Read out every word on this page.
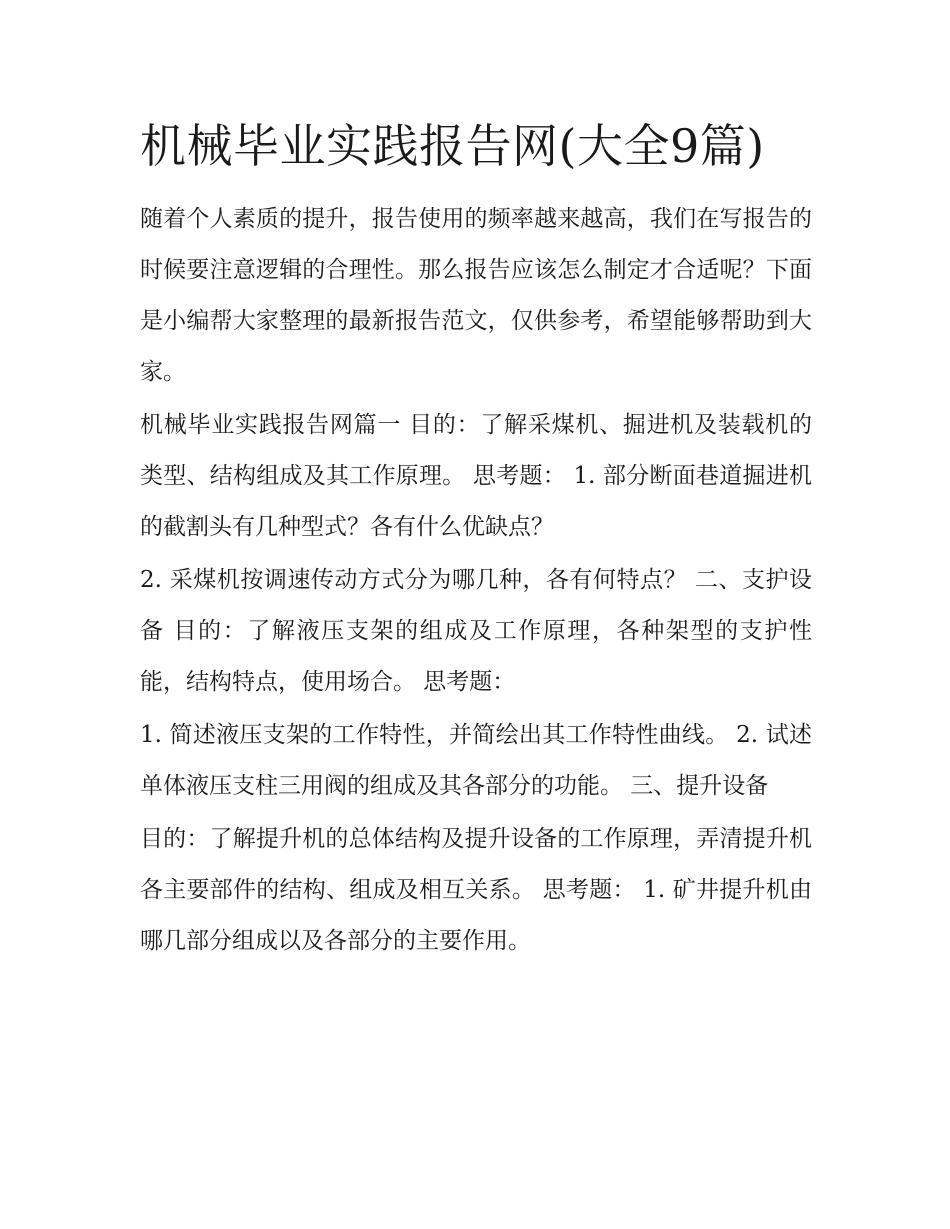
机械毕业实践报告网(大全9篇)

随着个人素质的提升，报告使用的频率越来越高，我们在写报告的时候要注意逻辑的合理性。那么报告应该怎么制定才合适呢？下面是小编帮大家整理的最新报告范文，仅供参考，希望能够帮助到大家。

机械毕业实践报告网篇一 目的：了解采煤机、掘进机及装载机的类型、结构组成及其工作原理。 思考题： 1. 部分断面巷道掘进机的截割头有几种型式？各有什么优缺点？

2. 采煤机按调速传动方式分为哪几种，各有何特点？ 二、支护设备 目的：了解液压支架的组成及工作原理，各种架型的支护性能，结构特点，使用场合。 思考题：

1. 简述液压支架的工作特性，并简绘出其工作特性曲线。 2. 试述单体液压支柱三用阀的组成及其各部分的功能。 三、提升设备

目的：了解提升机的总体结构及提升设备的工作原理，弄清提升机各主要部件的结构、组成及相互关系。 思考题： 1. 矿井提升机由哪几部分组成以及各部分的主要作用。
